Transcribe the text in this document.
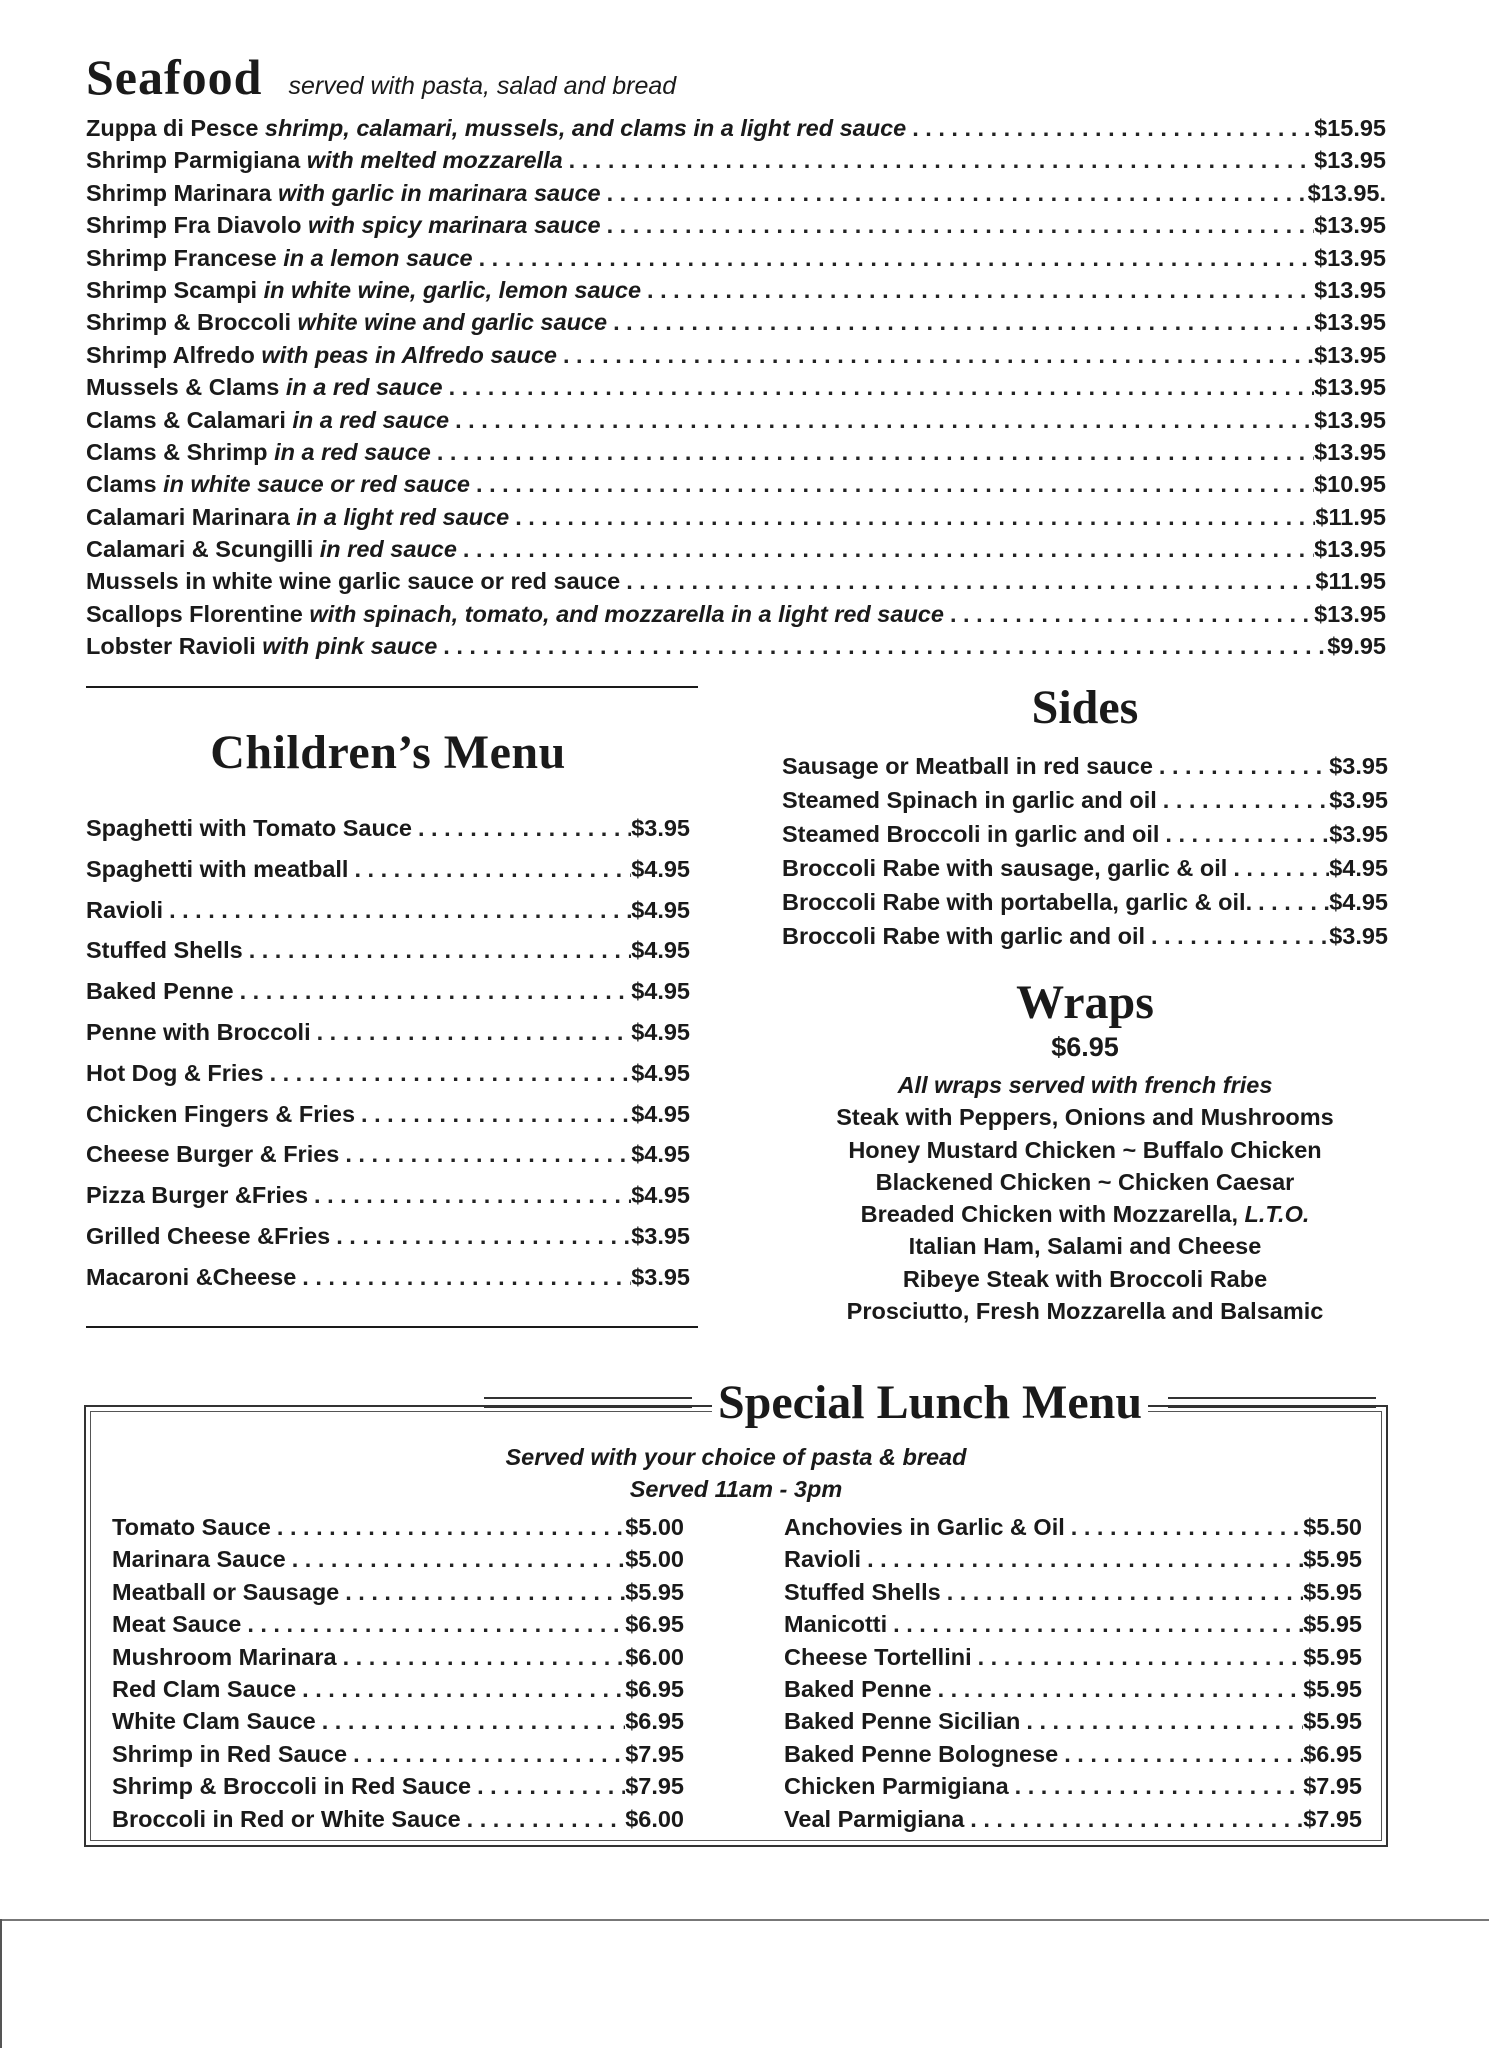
Seafood served with pasta, salad and bread
Zuppa di Pesce shrimp, calamari, mussels, and clams in a light red sauce . . .	$15.95
Shrimp Parmigiana with melted mozzarella . . .	$13.95
Shrimp Marinara with garlic in marinara sauce . . .	$13.95.
Shrimp Fra Diavolo with spicy marinara sauce . . .	$13.95
Shrimp Francese in a lemon sauce . . .	$13.95
Shrimp Scampi in white wine, garlic, lemon sauce . . .	$13.95
Shrimp & Broccoli white wine and garlic sauce . . .	$13.95
Shrimp Alfredo with peas in Alfredo sauce . . .	$13.95
Mussels & Clams in a red sauce . . .	$13.95
Clams & Calamari in a red sauce . . .	$13.95
Clams & Shrimp in a red sauce . . .	$13.95
Clams in white sauce or red sauce . . .	$10.95
Calamari Marinara in a light red sauce . . .	$11.95
Calamari & Scungilli in red sauce . . .	$13.95
Mussels in white wine garlic sauce or red sauce . . .	$11.95
Scallops Florentine with spinach, tomato, and mozzarella in a light red sauce . . .	$13.95
Lobster Ravioli with pink sauce . . .	$9.95
Children’s Menu
Spaghetti with Tomato Sauce . . .	$3.95
Spaghetti with meatball . . .	$4.95
Ravioli . . .	$4.95
Stuffed Shells . . .	$4.95
Baked Penne . . .	$4.95
Penne with Broccoli . . .	$4.95
Hot Dog & Fries . . .	$4.95
Chicken Fingers & Fries . . .	$4.95
Cheese Burger & Fries . . .	$4.95
Pizza Burger &Fries . . .	$4.95
Grilled Cheese &Fries . . .	$3.95
Macaroni &Cheese . . .	$3.95
Sides
Sausage or Meatball in red sauce . . .	$3.95
Steamed Spinach in garlic and oil . . .	$3.95
Steamed Broccoli in garlic and oil . . .	$3.95
Broccoli Rabe with sausage, garlic & oil . . .	$4.95
Broccoli Rabe with portabella, garlic & oil. . . .	$4.95
Broccoli Rabe with garlic and oil . . .	$3.95
Wraps
$6.95
All wraps served with french fries
Steak with Peppers, Onions and Mushrooms
Honey Mustard Chicken ~ Buffalo Chicken
Blackened Chicken ~ Chicken Caesar
Breaded Chicken with Mozzarella, L.T.O.
Italian Ham, Salami and Cheese
Ribeye Steak with Broccoli Rabe
Prosciutto, Fresh Mozzarella and Balsamic
Special Lunch Menu
Served with your choice of pasta & bread
Served 11am - 3pm
Tomato Sauce . . .	$5.00
Marinara Sauce . . .	$5.00
Meatball or Sausage . . .	$5.95
Meat Sauce . . .	$6.95
Mushroom Marinara . . .	$6.00
Red Clam Sauce . . .	$6.95
White Clam Sauce . . .	$6.95
Shrimp in Red Sauce . . .	$7.95
Shrimp & Broccoli in Red Sauce . . .	$7.95
Broccoli in Red or White Sauce . . .	$6.00
Anchovies in Garlic & Oil . . .	$5.50
Ravioli . . .	$5.95
Stuffed Shells . . .	$5.95
Manicotti . . .	$5.95
Cheese Tortellini . . .	$5.95
Baked Penne . . .	$5.95
Baked Penne Sicilian . . .	$5.95
Baked Penne Bolognese . . .	$6.95
Chicken Parmigiana . . .	$7.95
Veal Parmigiana . . .	$7.95
